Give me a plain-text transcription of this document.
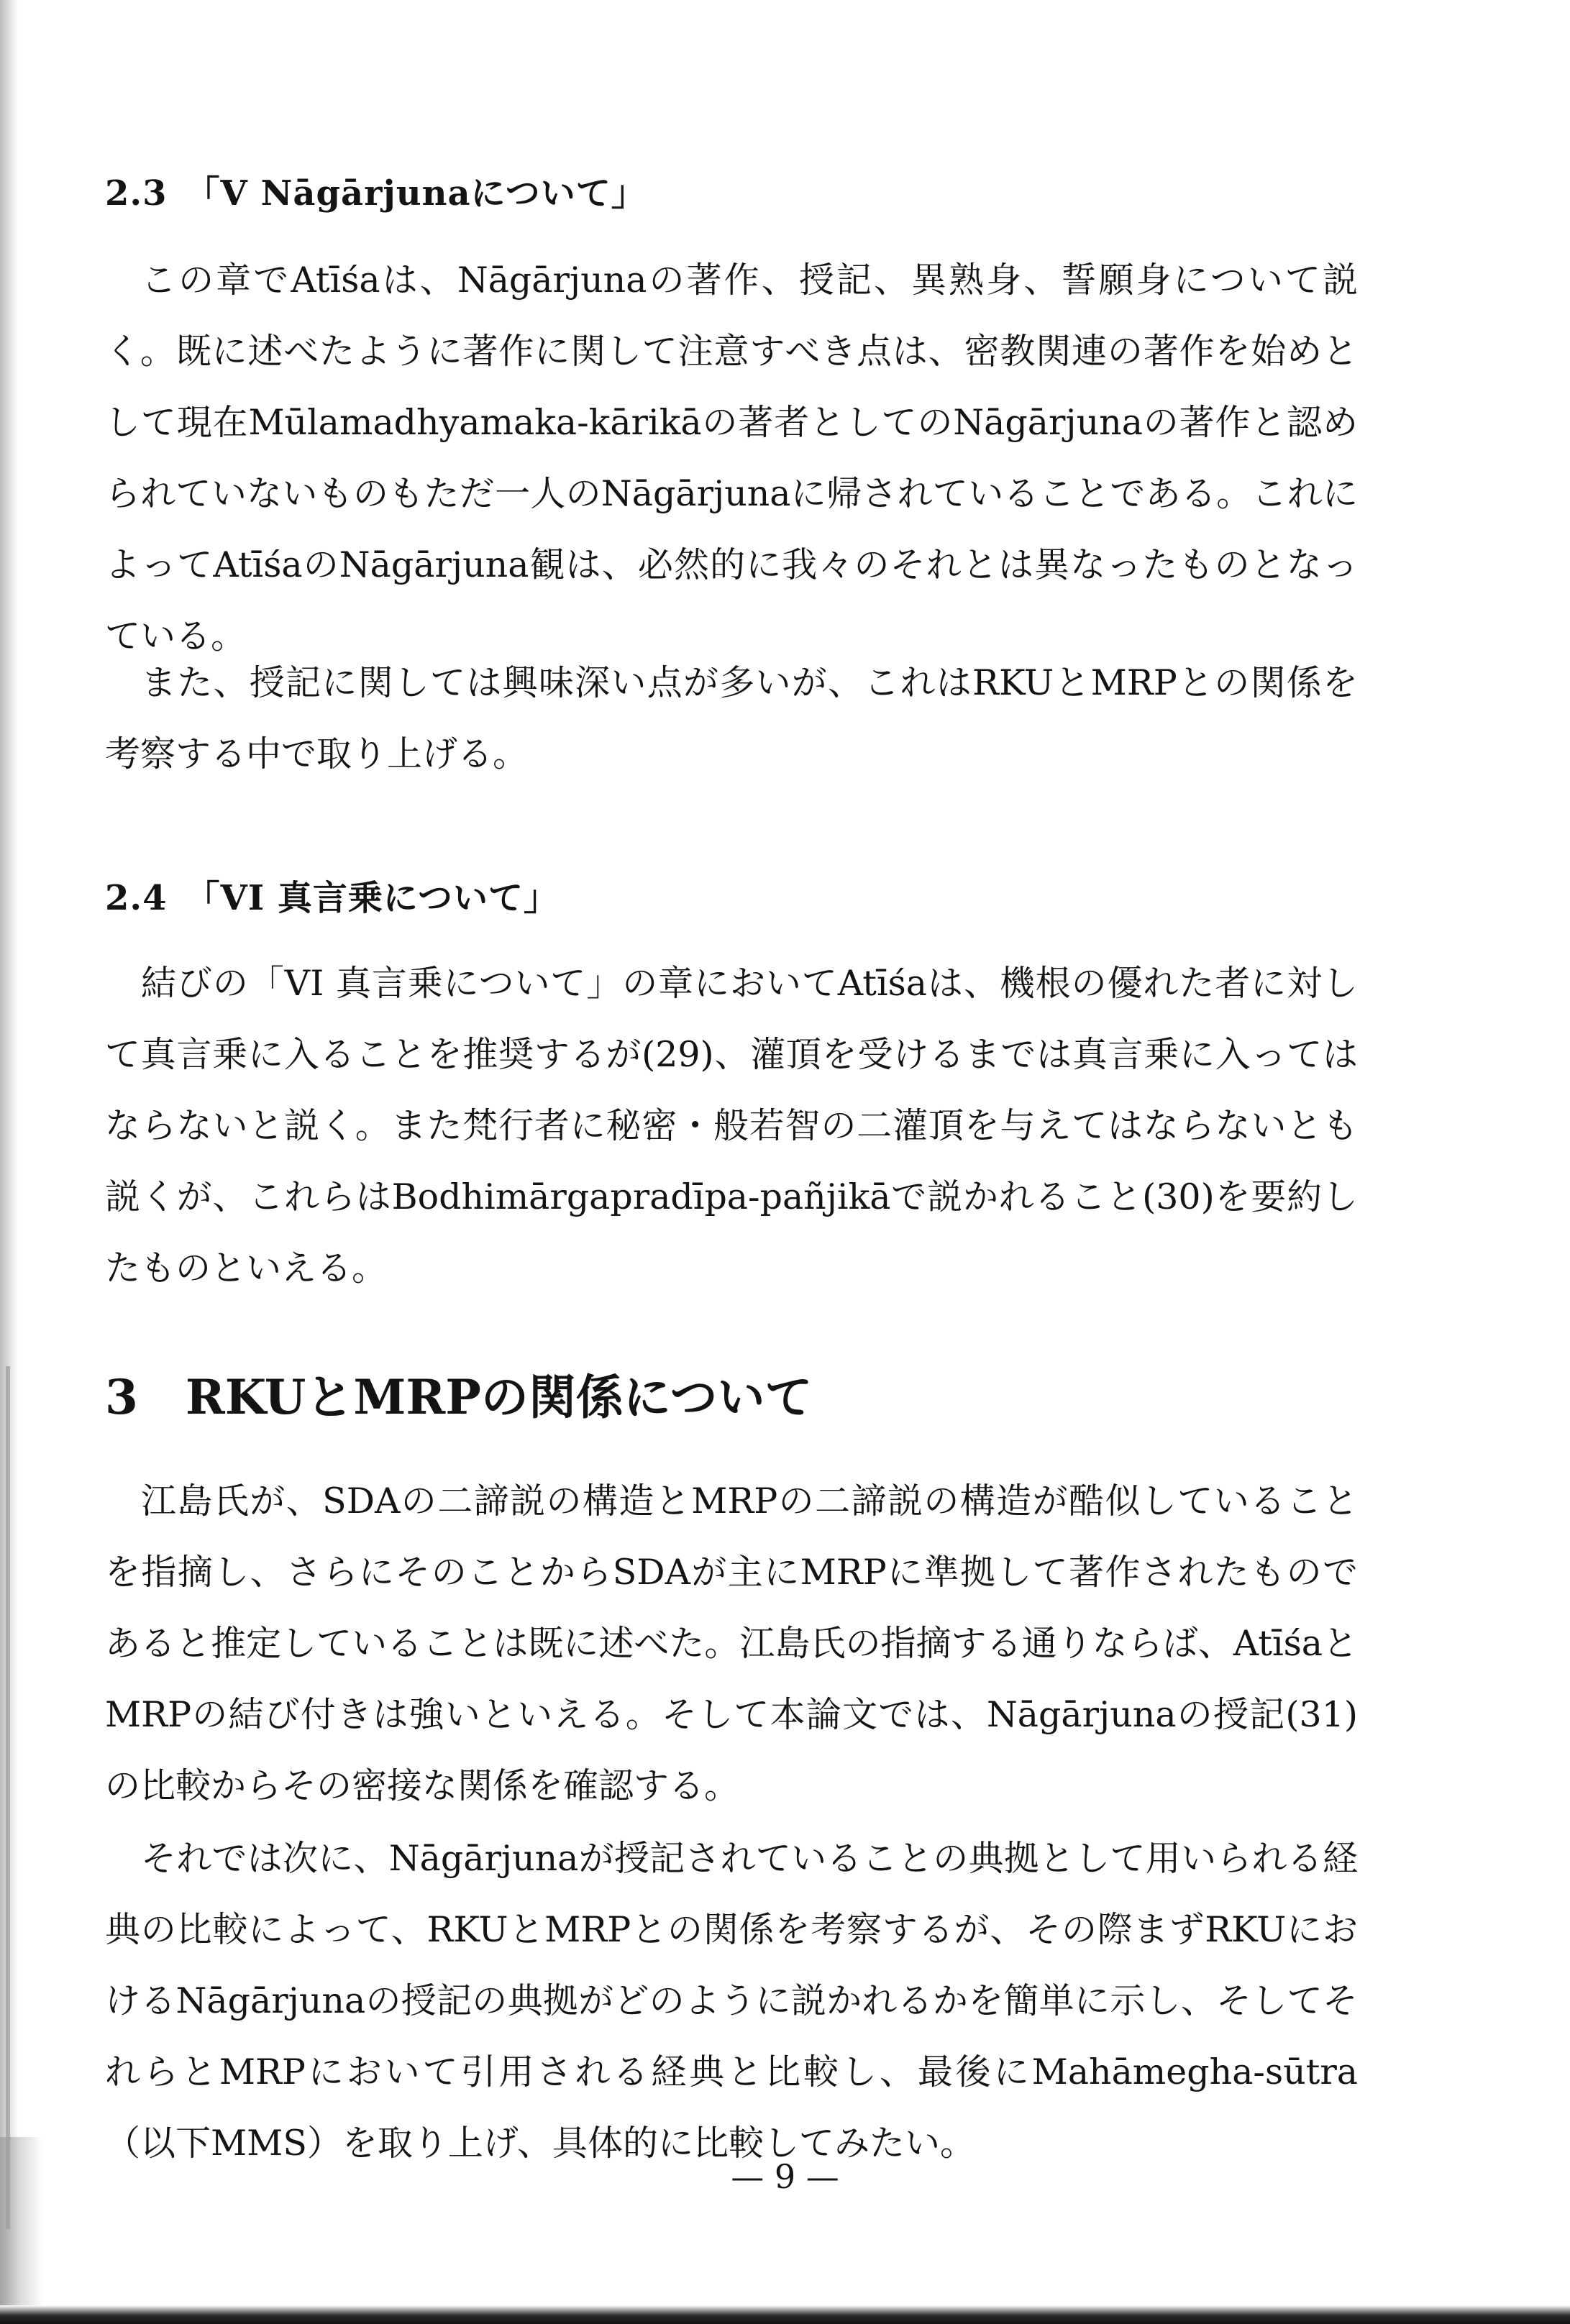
2.3　「V Nāgārjunaについて」

この章でAtīśaは、Nāgārjunaの著作、授記、異熟身、誓願身について説く。既に述べたように著作に関して注意すべき点は、密教関連の著作を始めとして現在Mūlamadhyamaka-kārikāの著者としてのNāgārjunaの著作と認められていないものもただ一人のNāgārjunaに帰されていることである。これによってAtīśaのNāgārjuna観は、必然的に我々のそれとは異なったものとなっている。

また、授記に関しては興味深い点が多いが、これはRKUとMRPとの関係を考察する中で取り上げる。

2.4　「VI 真言乗について」

結びの「VI 真言乗について」の章においてAtīśaは、機根の優れた者に対して真言乗に入ることを推奨するが(29)、灌頂を受けるまでは真言乗に入ってはならないと説く。また梵行者に秘密・般若智の二灌頂を与えてはならないとも説くが、これらはBodhimārgapradīpa-pañjikāで説かれること(30)を要約したものといえる。

3　RKUとMRPの関係について

江島氏が、SDAの二諦説の構造とMRPの二諦説の構造が酷似していることを指摘し、さらにそのことからSDAが主にMRPに準拠して著作されたものであると推定していることは既に述べた。江島氏の指摘する通りならば、AtīśaとMRPの結び付きは強いといえる。そして本論文では、Nāgārjunaの授記(31)の比較からその密接な関係を確認する。

それでは次に、Nāgārjunaが授記されていることの典拠として用いられる経典の比較によって、RKUとMRPとの関係を考察するが、その際まずRKUにおけるNāgārjunaの授記の典拠がどのように説かれるかを簡単に示し、そしてそれらとMRPにおいて引用される経典と比較し、最後にMahāmegha-sūtra（以下MMS）を取り上げ、具体的に比較してみたい。

— 9 —
